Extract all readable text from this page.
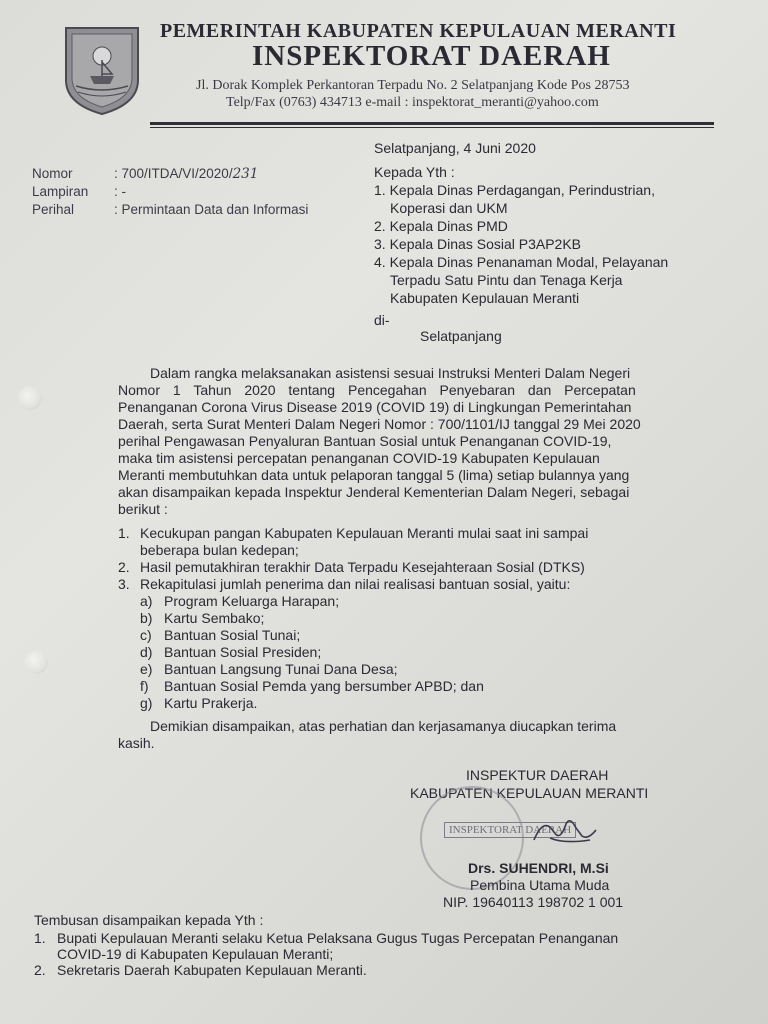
PEMERINTAH KABUPATEN KEPULAUAN MERANTI
INSPEKTORAT DAERAH
Jl. Dorak Komplek Perkantoran Terpadu No. 2 Selatpanjang Kode Pos 28753
Telp/Fax (0763) 434713 e-mail : inspektorat_meranti@yahoo.com
Selatpanjang, 4 Juni 2020
Nomor	: 700/ITDA/VI/2020/231
Lampiran : -
Perihal	: Permintaan Data dan Informasi
Kepada Yth :
1. Kepala Dinas Perdagangan, Perindustrian,
Koperasi dan UKM
2. Kepala Dinas PMD
3. Kepala Dinas Sosial P3AP2KB
4. Kepala Dinas Penanaman Modal, Pelayanan
Terpadu Satu Pintu dan Tenaga Kerja
Kabupaten Kepulauan Meranti
di-
Selatpanjang
Dalam rangka melaksanakan asistensi sesuai Instruksi Menteri Dalam Negeri
Nomor 1 Tahun 2020 tentang Pencegahan Penyebaran dan Percepatan
Penanganan Corona Virus Disease 2019 (COVID 19) di Lingkungan Pemerintahan
Daerah, serta Surat Menteri Dalam Negeri Nomor : 700/1101/IJ tanggal 29 Mei 2020
perihal Pengawasan Penyaluran Bantuan Sosial untuk Penanganan COVID-19,
maka tim asistensi percepatan penanganan COVID-19 Kabupaten Kepulauan
Meranti membutuhkan data untuk pelaporan tanggal 5 (lima) setiap bulannya yang
akan disampaikan kepada Inspektur Jenderal Kementerian Dalam Negeri, sebagai
berikut :
1. Kecukupan pangan Kabupaten Kepulauan Meranti mulai saat ini sampai
beberapa bulan kedepan;
2. Hasil pemutakhiran terakhir Data Terpadu Kesejahteraan Sosial (DTKS)
3. Rekapitulasi jumlah penerima dan nilai realisasi bantuan sosial, yaitu:
a) Program Keluarga Harapan;
b) Kartu Sembako;
c) Bantuan Sosial Tunai;
d) Bantuan Sosial Presiden;
e) Bantuan Langsung Tunai Dana Desa;
f) Bantuan Sosial Pemda yang bersumber APBD; dan
g) Kartu Prakerja.
Demikian disampaikan, atas perhatian dan kerjasamanya diucapkan terima
kasih.
INSPEKTUR DAERAH
KABUPATEN KEPULAUAN MERANTI
INSPEKTORAT DAERAH
Drs. SUHENDRI, M.Si
Pembina Utama Muda
NIP. 19640113 198702 1 001
Tembusan disampaikan kepada Yth :
1. Bupati Kepulauan Meranti selaku Ketua Pelaksana Gugus Tugas Percepatan Penanganan
COVID-19 di Kabupaten Kepulauan Meranti;
2. Sekretaris Daerah Kabupaten Kepulauan Meranti.
